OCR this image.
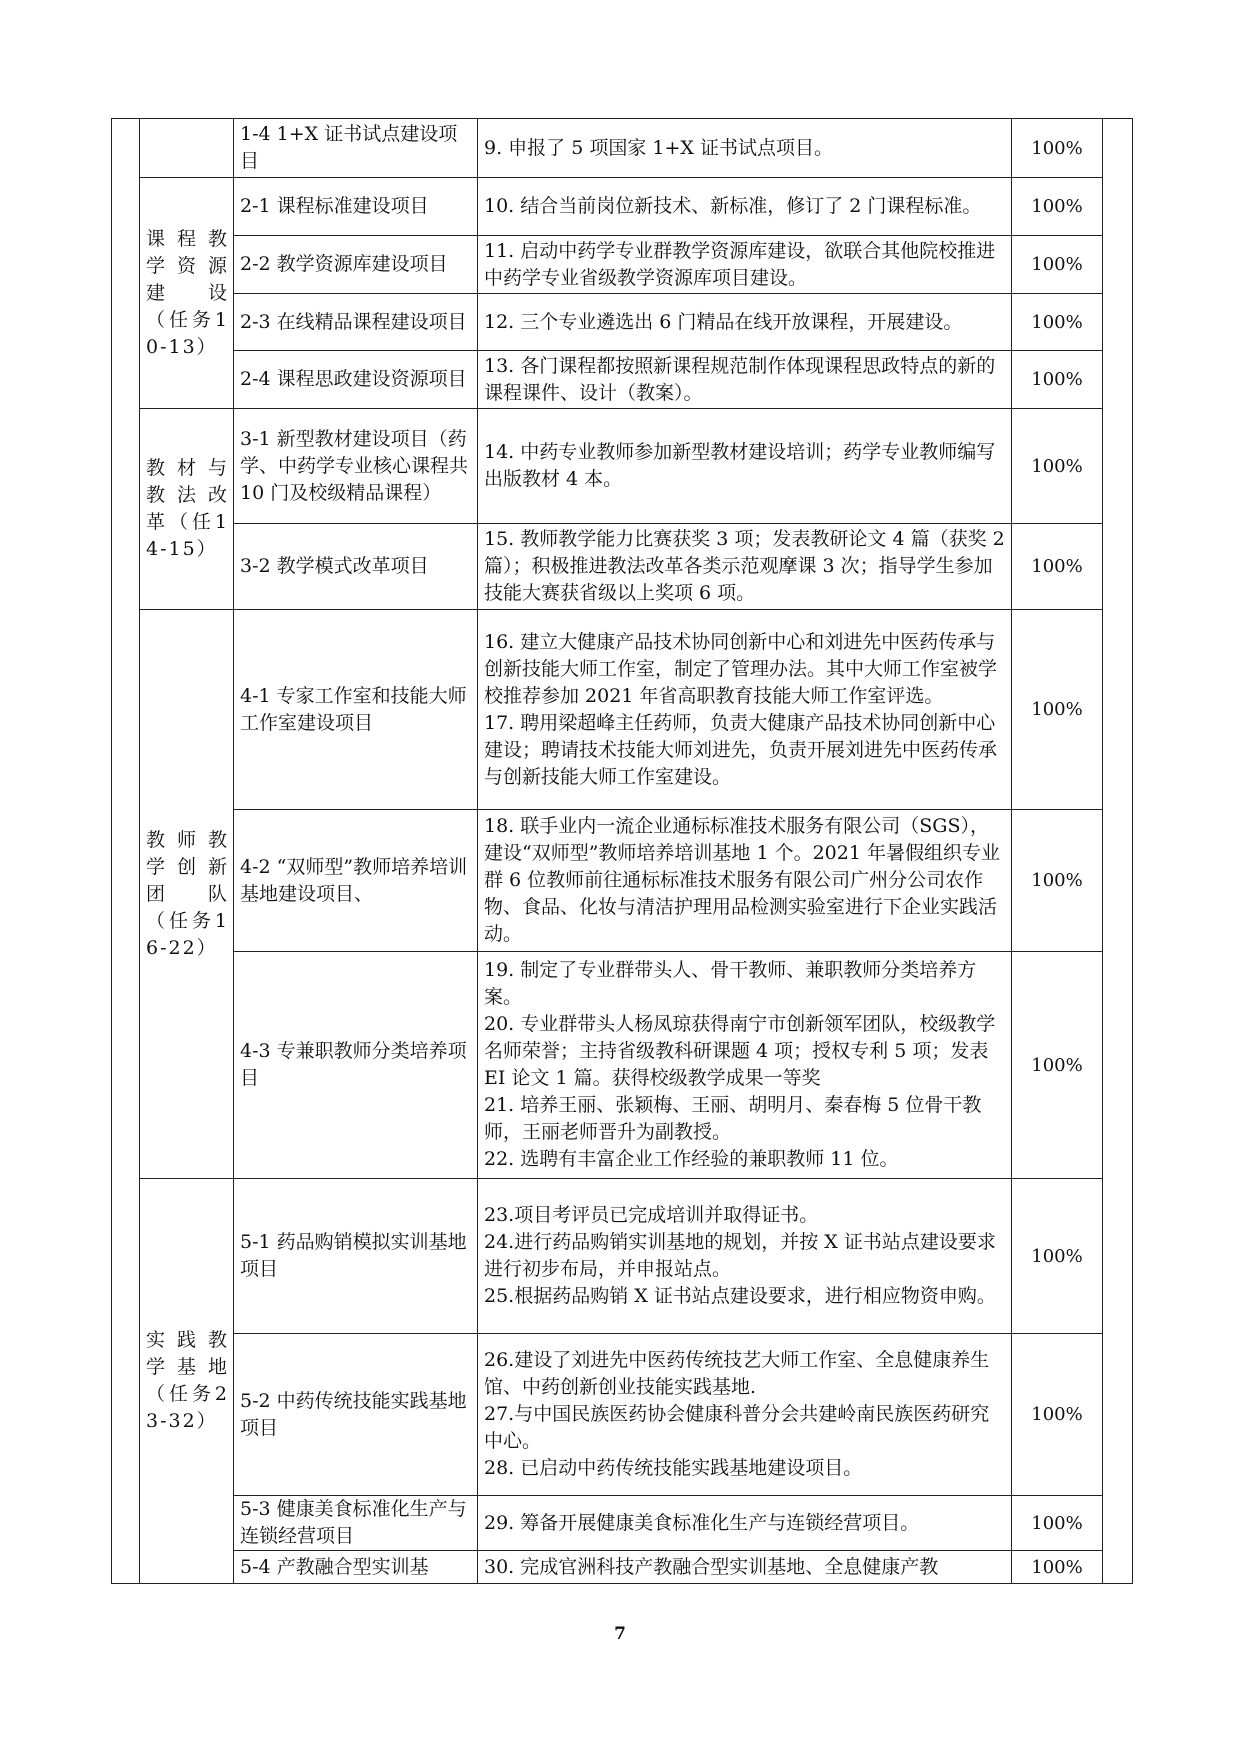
		1-4 1+X 证书试点建设项目	9. 申报了 5 项国家 1+X 证书试点项目。	100%	
	课程教学资源建设（任务10-13）	2-1 课程标准建设项目	10. 结合当前岗位新技术、新标准，修订了 2 门课程标准。	100%	
		2-2 教学资源库建设项目	11. 启动中药学专业群教学资源库建设，欲联合其他院校推进中药学专业省级教学资源库项目建设。	100%	
		2-3 在线精品课程建设项目	12. 三个专业遴选出 6 门精品在线开放课程，开展建设。	100%	
		2-4 课程思政建设资源项目	13. 各门课程都按照新课程规范制作体现课程思政特点的新的课程课件、设计（教案）。	100%	
	教材与教法改革（任14-15）	3-1 新型教材建设项目（药学、中药学专业核心课程共 10 门及校级精品课程）	14. 中药专业教师参加新型教材建设培训；药学专业教师编写出版教材 4 本。	100%	
		3-2 教学模式改革项目	15. 教师教学能力比赛获奖 3 项；发表教研论文 4 篇（获奖 2 篇）；积极推进教法改革各类示范观摩课 3 次；指导学生参加技能大赛获省级以上奖项 6 项。	100%	
	教师教学创新团队（任务16-22）	4-1 专家工作室和技能大师工作室建设项目	16. 建立大健康产品技术协同创新中心和刘进先中医药传承与创新技能大师工作室，制定了管理办法。其中大师工作室被学校推荐参加 2021 年省高职教育技能大师工作室评选。

17. 聘用梁超峰主任药师，负责大健康产品技术协同创新中心建设；聘请技术技能大师刘进先，负责开展刘进先中医药传承与创新技能大师工作室建设。	100%	
		4-2 “双师型”教师培养培训基地建设项目、	18. 联手业内一流企业通标标准技术服务有限公司（SGS），建设“双师型”教师培养培训基地 1 个。2021 年暑假组织专业群 6 位教师前往通标标准技术服务有限公司广州分公司农作物、食品、化妆与清洁护理用品检测实验室进行下企业实践活动。	100%	
		4-3 专兼职教师分类培养项目	19. 制定了专业群带头人、骨干教师、兼职教师分类培养方案。

20. 专业群带头人杨凤琼获得南宁市创新领军团队，校级教学名师荣誉；主持省级教科研课题 4 项；授权专利 5 项；发表 EI 论文 1 篇。获得校级教学成果一等奖

21. 培养王丽、张颖梅、王丽、胡明月、秦春梅 5 位骨干教师，王丽老师晋升为副教授。

22. 选聘有丰富企业工作经验的兼职教师 11 位。	100%	
	实践教学基地（任务23-32）	5-1 药品购销模拟实训基地项目	23.项目考评员已完成培训并取得证书。

24.进行药品购销实训基地的规划，并按 X 证书站点建设要求进行初步布局，并申报站点。

25.根据药品购销 X 证书站点建设要求，进行相应物资申购。	100%	
		5-2 中药传统技能实践基地项目	26.建设了刘进先中医药传统技艺大师工作室、全息健康养生馆、中药创新创业技能实践基地.

27.与中国民族医药协会健康科普分会共建岭南民族医药研究中心。

28. 已启动中药传统技能实践基地建设项目。	100%	
		5-3 健康美食标准化生产与连锁经营项目	29. 筹备开展健康美食标准化生产与连锁经营项目。	100%	
		5-4 产教融合型实训基	30. 完成官洲科技产教融合型实训基地、全息健康产教	100%	
7
